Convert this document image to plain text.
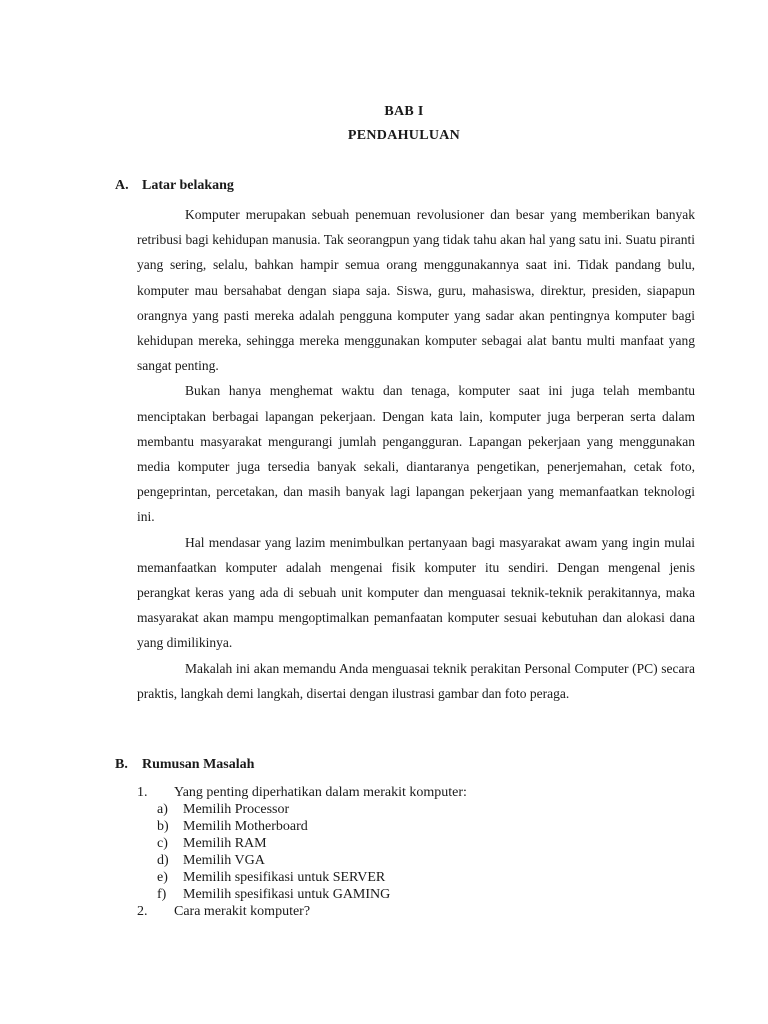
BAB I
PENDAHULUAN
A. Latar belakang

Komputer merupakan sebuah penemuan revolusioner dan besar yang memberikan banyak retribusi bagi kehidupan manusia. Tak seorangpun yang tidak tahu akan hal yang satu ini. Suatu piranti yang sering, selalu, bahkan hampir semua orang menggunakannya saat ini. Tidak pandang bulu, komputer mau bersahabat dengan siapa saja. Siswa, guru, mahasiswa, direktur, presiden, siapapun orangnya yang pasti mereka adalah pengguna komputer yang sadar akan pentingnya komputer bagi kehidupan mereka, sehingga mereka menggunakan komputer sebagai alat bantu multi manfaat yang sangat penting.

Bukan hanya menghemat waktu dan tenaga, komputer saat ini juga telah membantu menciptakan berbagai lapangan pekerjaan. Dengan kata lain, komputer juga berperan serta dalam membantu masyarakat mengurangi jumlah pengangguran. Lapangan pekerjaan yang menggunakan media komputer juga tersedia banyak sekali, diantaranya pengetikan, penerjemahan, cetak foto, pengeprintan, percetakan, dan masih banyak lagi lapangan pekerjaan yang memanfaatkan teknologi ini.

Hal mendasar yang lazim menimbulkan pertanyaan bagi masyarakat awam yang ingin mulai memanfaatkan komputer adalah mengenai fisik komputer itu sendiri. Dengan mengenal jenis perangkat keras yang ada di sebuah unit komputer dan menguasai teknik-teknik perakitannya, maka masyarakat akan mampu mengoptimalkan pemanfaatan komputer sesuai kebutuhan dan alokasi dana yang dimilikinya.

Makalah ini akan memandu Anda menguasai teknik perakitan Personal Computer (PC) secara praktis, langkah demi langkah, disertai dengan ilustrasi gambar dan foto peraga.

B. Rumusan Masalah
1. Yang penting diperhatikan dalam merakit komputer:
a) Memilih Processor
b) Memilih Motherboard
c) Memilih RAM
d) Memilih VGA
e) Memilih spesifikasi untuk SERVER
f) Memilih spesifikasi untuk GAMING
2. Cara merakit komputer?
